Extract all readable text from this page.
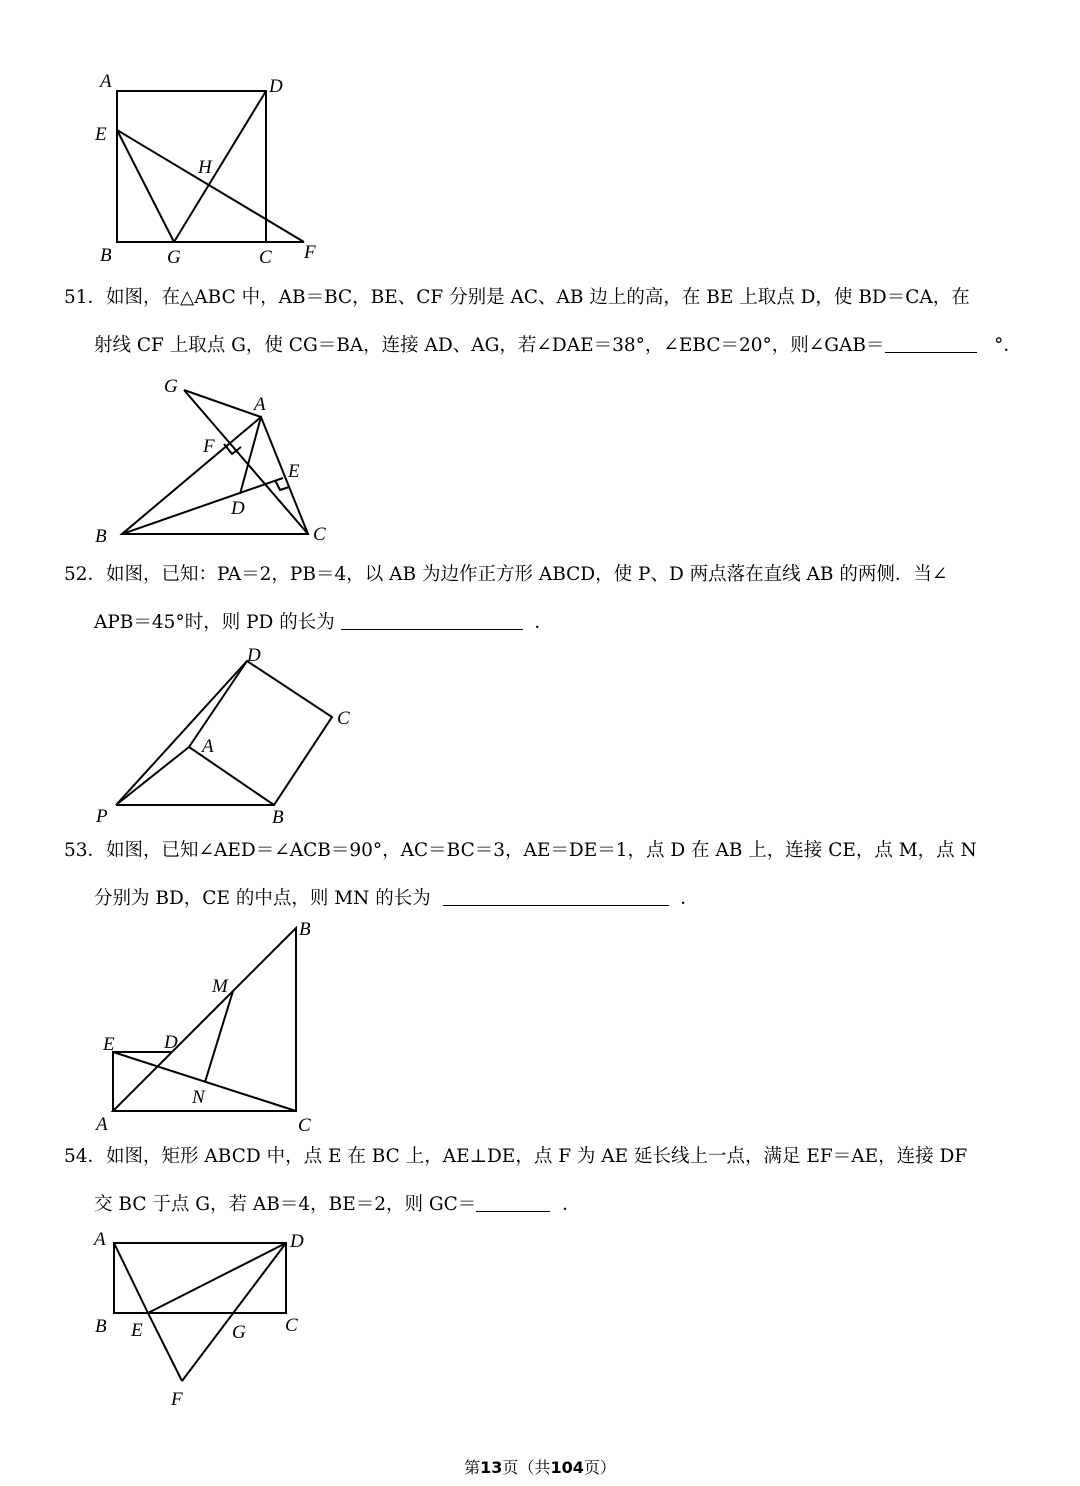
A	D
E
H
B	G	C F
51．如图，在△ABC 中，AB＝BC，BE、CF 分别是 AC、AB 边上的高，在 BE 上取点 D，使 BD＝CA，在
射线 CF 上取点 G，使 CG＝BA，连接 AD、AG，若∠DAE＝38°，∠EBC＝20°，则∠GAB＝	°．
G
A
F
E
D
B	C
52．如图，已知：PA＝2，PB＝4，以 AB 为边作正方形 ABCD，使 P、D 两点落在直线 AB 的两侧．当∠
APB＝45°时，则 PD 的长为	．
D
C
A
P	B
53．如图，已知∠AED＝∠ACB＝90°，AC＝BC＝3，AE＝DE＝1，点 D 在 AB 上，连接 CE，点 M，点 N
分别为 BD，CE 的中点，则 MN 的长为	．
B
M
E	D
N
A	C
54．如图，矩形 ABCD 中，点 E 在 BC 上，AE⊥DE，点 F 为 AE 延长线上一点，满足 EF＝AE，连接 DF
交 BC 于点 G，若 AB＝4，BE＝2，则 GC＝	．
A	D
B E	G C
F
第13页（共104页）
